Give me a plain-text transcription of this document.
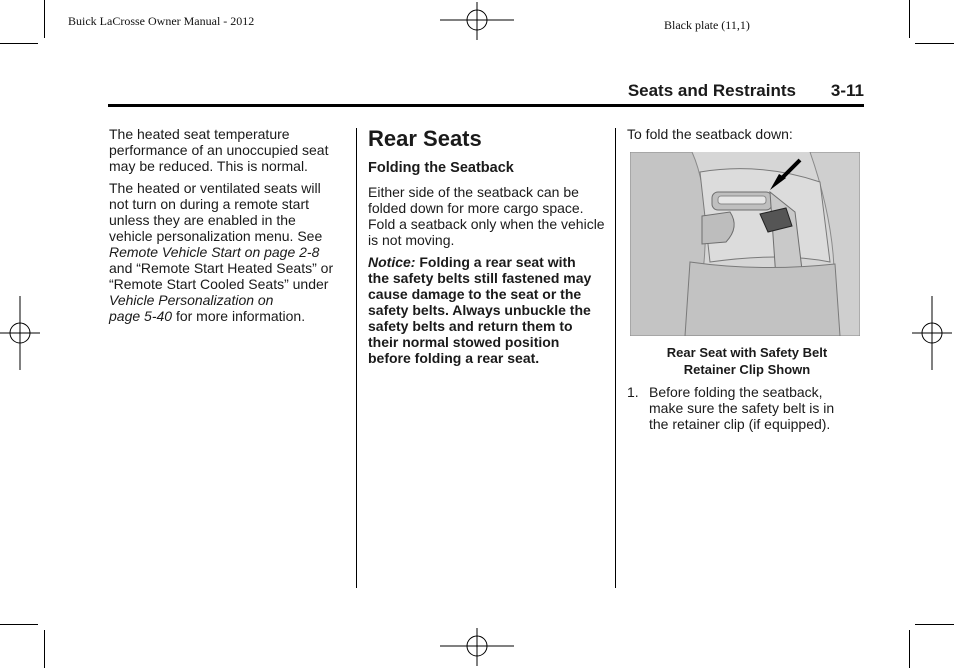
Buick LaCrosse Owner Manual - 2012	Black plate (11,1)
Seats and Restraints 3-11

The heated seat temperature performance of an unoccupied seat may be reduced. This is normal.

The heated or ventilated seats will
not turn on during a remote start
unless they are enabled in the
vehicle personalization menu. See
Remote Vehicle Start on page 2-8
and “Remote Start Heated Seats” or
“Remote Start Cooled Seats” under
Vehicle Personalization on
page 5-40 for more information.

Rear Seats
Folding the Seatback

Either side of the seatback can be folded down for more cargo space. Fold a seatback only when the vehicle is not moving.

Notice: Folding a rear seat with
the safety belts still fastened may
cause damage to the seat or the
safety belts. Always unbuckle the
safety belts and return them to
their normal stowed position
before folding a rear seat.

To fold the seatback down:

Rear Seat with Safety Belt
Retainer Clip Shown
1. Before folding the seatback,
make sure the safety belt is in
the retainer clip (if equipped).
